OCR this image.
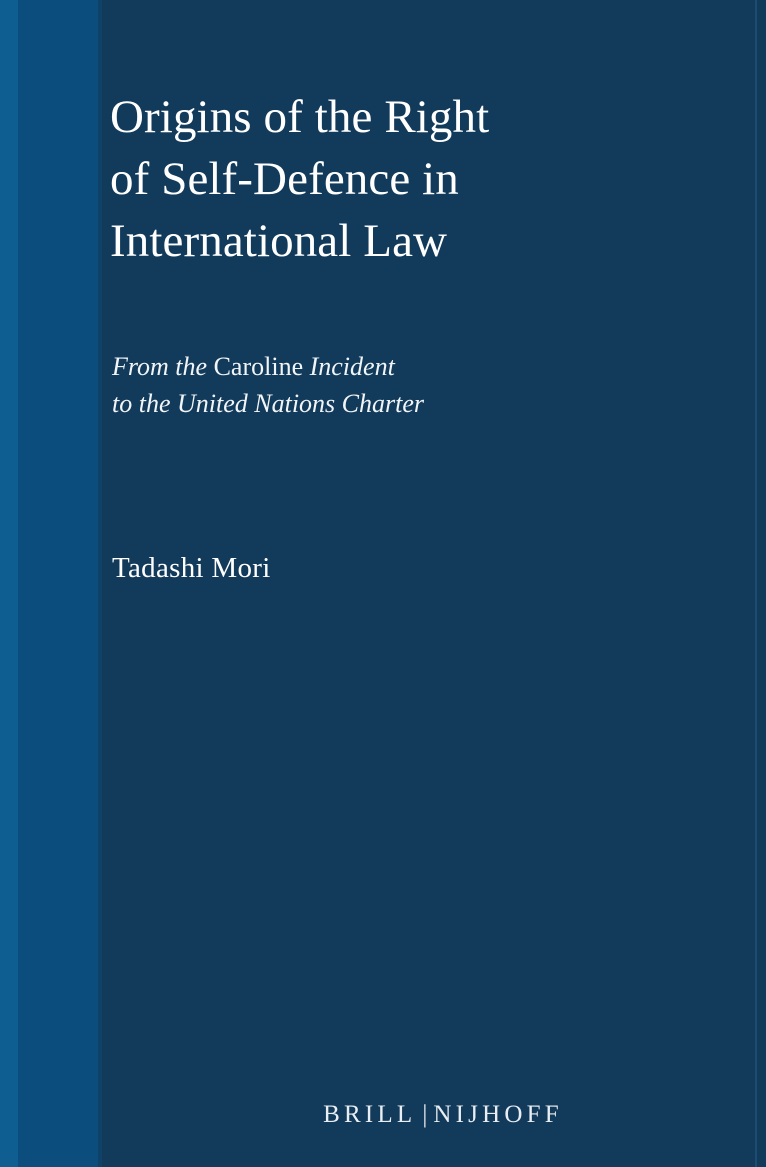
Origins of the Right
of Self-Defence in
International Law
From the Caroline Incident
to the United Nations Charter
Tadashi Mori
BRILL | NIJHOFF
